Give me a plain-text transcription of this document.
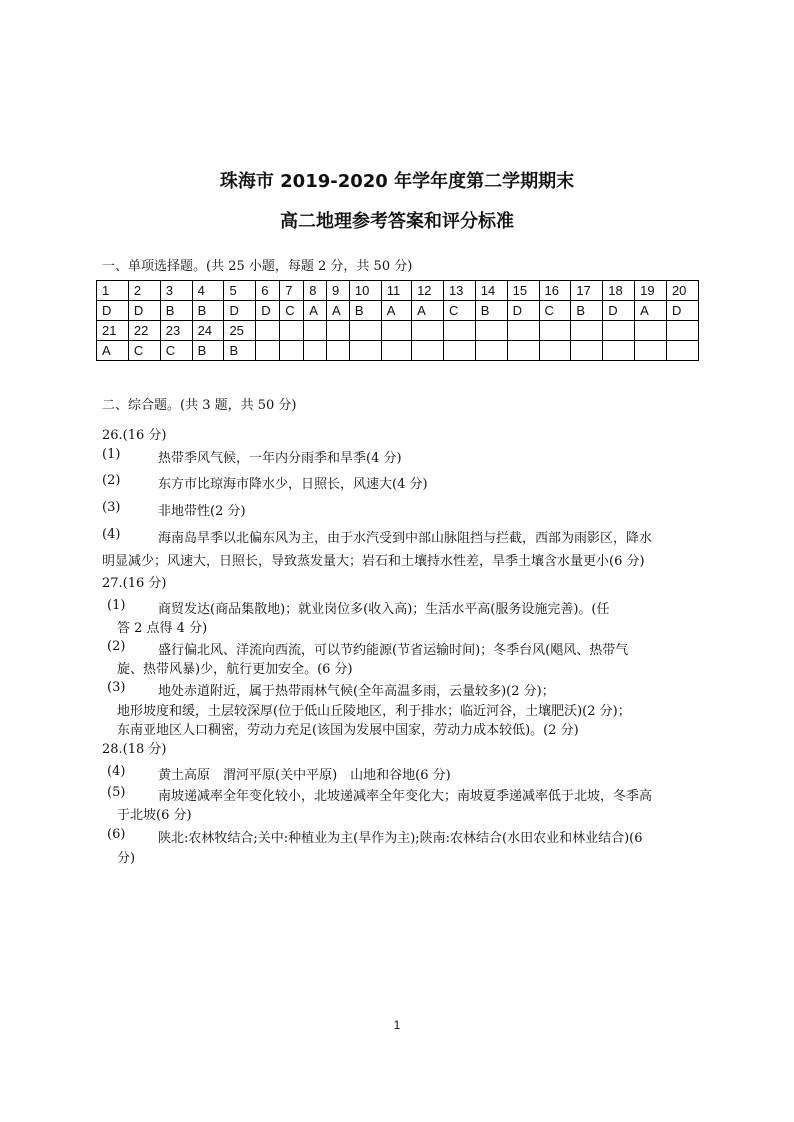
珠海市 2019-2020 年学年度第二学期期末
高二地理参考答案和评分标准
一、单项选择题。(共 25 小题，每题 2 分，共 50 分)
1	2	3	4	5	6	7	8	9	10	11	12	13	14	15	16	17	18	19	20
D	D	B	B	D	D	C	A	A	B	A	A	C	B	D	C	B	D	A	D
21	22	23	24	25															
A	C	C	B	B															
二、综合题。(共 3 题，共 50 分)
26.(16 分)
(1)	热带季风气候，一年内分雨季和旱季(4 分)
(2)	东方市比琼海市降水少，日照长，风速大(4 分)
(3)	非地带性(2 分)
(4)	海南岛旱季以北偏东风为主，由于水汽受到中部山脉阻挡与拦截，西部为雨影区，降水
明显减少；风速大，日照长，导致蒸发量大；岩石和土壤持水性差，旱季土壤含水量更小(6 分)
27.(16 分)
(1)	商贸发达(商品集散地)；就业岗位多(收入高)；生活水平高(服务设施完善)。(任
答 2 点得 4 分)
(2)	盛行偏北风、洋流向西流，可以节约能源(节省运输时间)；冬季台风(飓风、热带气
旋、热带风暴)少，航行更加安全。(6 分)
(3)	地处赤道附近，属于热带雨林气候(全年高温多雨，云量较多)(2 分)；
地形坡度和缓，土层较深厚(位于低山丘陵地区，利于排水；临近河谷，土壤肥沃)(2 分)；
东南亚地区人口稠密，劳动力充足(该国为发展中国家，劳动力成本较低)。(2 分)
28.(18 分)
(4)	黄土高原　渭河平原(关中平原)　山地和谷地(6 分)
(5)	南坡递减率全年变化较小，北坡递减率全年变化大；南坡夏季递减率低于北坡，冬季高
于北坡(6 分)
(6)	陕北:农林牧结合;关中:种植业为主(旱作为主);陕南:农林结合(水田农业和林业结合)(6
分)
1
